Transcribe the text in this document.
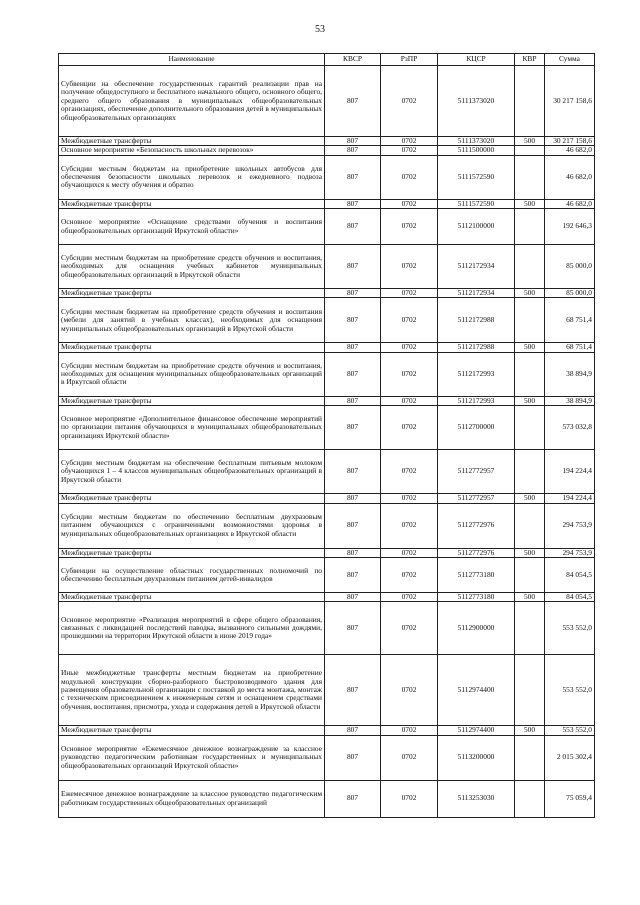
53
Наименование	КВСР	РзПР	КЦСР	КВР	Сумма
Субвенции на обеспечение государственных гарантий реализации прав на получение общедоступного и бесплатного начального общего, основного общего, среднего общего образования в муниципальных общеобразовательных организациях, обеспечение дополнительного образования детей в муниципальных общеобразовательных организациях	807	0702	5111373020		30 217 158,6
Межбюджетные трансферты	807	0702	5111373020	500	30 217 158,6
Основное мероприятие «Безопасность школьных перевозок»	807	0702	5111500000		46 682,0
Субсидии местным бюджетам на приобретение школьных автобусов для обеспечения безопасности школьных перевозок и ежедневного подвоза обучающихся к месту обучения и обратно	807	0702	5111572590		46 682,0
Межбюджетные трансферты	807	0702	5111572590	500	46 682,0
Основное мероприятие «Оснащение средствами обучения и воспитания общеобразовательных организаций Иркутской области»	807	0702	5112100000		192 646,3
Субсидии местным бюджетам на приобретение средств обучения и воспитания, необходимых для оснащения учебных кабинетов муниципальных общеобразовательных организаций в Иркутской области	807	0702	5112172934		85 000,0
Межбюджетные трансферты	807	0702	5112172934	500	85 000,0
Субсидии местным бюджетам на приобретение средств обучения и воспитания (мебели для занятий в учебных классах), необходимых для оснащения муниципальных общеобразовательных организаций в Иркутской области	807	0702	5112172988		68 751,4
Межбюджетные трансферты	807	0702	5112172988	500	68 751,4
Субсидии местным бюджетам на приобретение средств обучения и воспитания, необходимых для оснащения муниципальных общеобразовательных организаций в Иркутской области	807	0702	5112172993		38 894,9
Межбюджетные трансферты	807	0702	5112172993	500	38 894,9
Основное мероприятие «Дополнительное финансовое обеспечение мероприятий по организации питания обучающихся в муниципальных общеобразовательных организациях Иркутской области»	807	0702	5112700000		573 032,8
Субсидии местным бюджетам на обеспечение бесплатным питьевым молоком обучающихся 1 – 4 классов муниципальных общеобразовательных организаций в Иркутской области	807	0702	5112772957		194 224,4
Межбюджетные трансферты	807	0702	5112772957	500	194 224,4
Субсидии местным бюджетам по обеспечению бесплатным двухразовым питанием обучающихся с ограниченными возможностями здоровья в муниципальных общеобразовательных организациях в Иркутской области	807	0702	5112772976		294 753,9
Межбюджетные трансферты	807	0702	5112772976	500	294 753,9
Субвенции на осуществление областных государственных полномочий по обеспечению бесплатным двухразовым питанием детей-инвалидов	807	0702	5112773180		84 054,5
Межбюджетные трансферты	807	0702	5112773180	500	84 054,5
Основное мероприятие «Реализация мероприятий в сфере общего образования, связанных с ликвидацией последствий паводка, вызванного сильными дождями, прошедшими на территории Иркутской области в июне 2019 года»	807	0702	5112900000		553 552,0
Иные межбюджетные трансферты местным бюджетам на приобретение модульной конструкции сборно-разборного быстровозводимого здания для размещения образовательной организации с поставкой до места монтажа, монтаж с техническим присоединением к инженерным сетям и оснащением средствами обучения, воспитания, присмотра, ухода и содержания детей в Иркутской области	807	0702	5112974400		553 552,0
Межбюджетные трансферты	807	0702	5112974400	500	553 552,0
Основное мероприятие «Ежемесячное денежное вознаграждение за классное руководство педагогическим работникам государственных и муниципальных общеобразовательных организаций Иркутской области»	807	0702	5113200000		2 015 302,4
Ежемесячное денежное вознаграждение за классное руководство педагогическим работникам государственных общеобразовательных организаций	807	0702	5113253030		75 059,4
